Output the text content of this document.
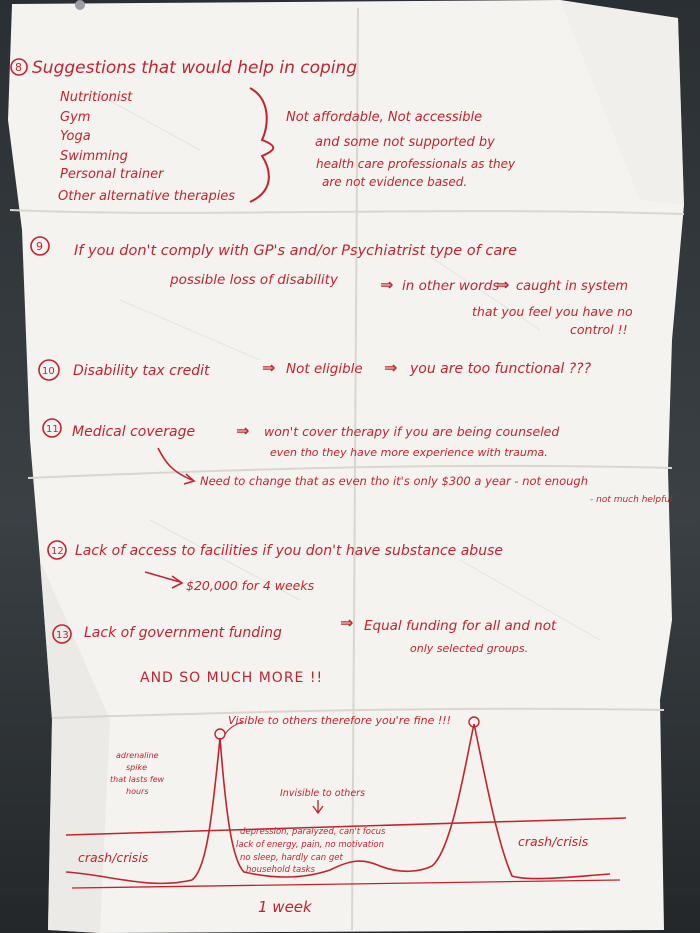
8 Suggestions that would help in coping
Nutritionist
Gym
Yoga
Swimming
Personal trainer
Other alternative therapies
Not affordable, Not accessible
and some not supported by
health care professionals as they
are not evidence based.
9 If you don't comply with GP's and/or Psychiatrist type of care
possible loss of disability	⇒ in other words
⇒ caught in system
that you feel you have no
control !!
10 Disability tax credit	⇒ Not eligible ⇒ you are too functional ???
11 Medical coverage	⇒ won't cover therapy if you are being counseled
even tho they have more experience with trauma.
Need to change that as even tho it's only $300 a year - not enough
- not much helpful
12 Lack of access to facilities if you don't have substance abuse
$20,000 for 4 weeks
13 Lack of government funding
⇒ Equal funding for all and not
only selected groups.
AND SO MUCH MORE !!
Visible to others therefore you're fine !!!
adrenaline
spike
that lasts few
hours	Invisible to others
depression, paralyzed, can't focus
lack of energy, pain, no motivation
no sleep, hardly can get
household tasks
crash/crisis
crash/crisis
1 week
